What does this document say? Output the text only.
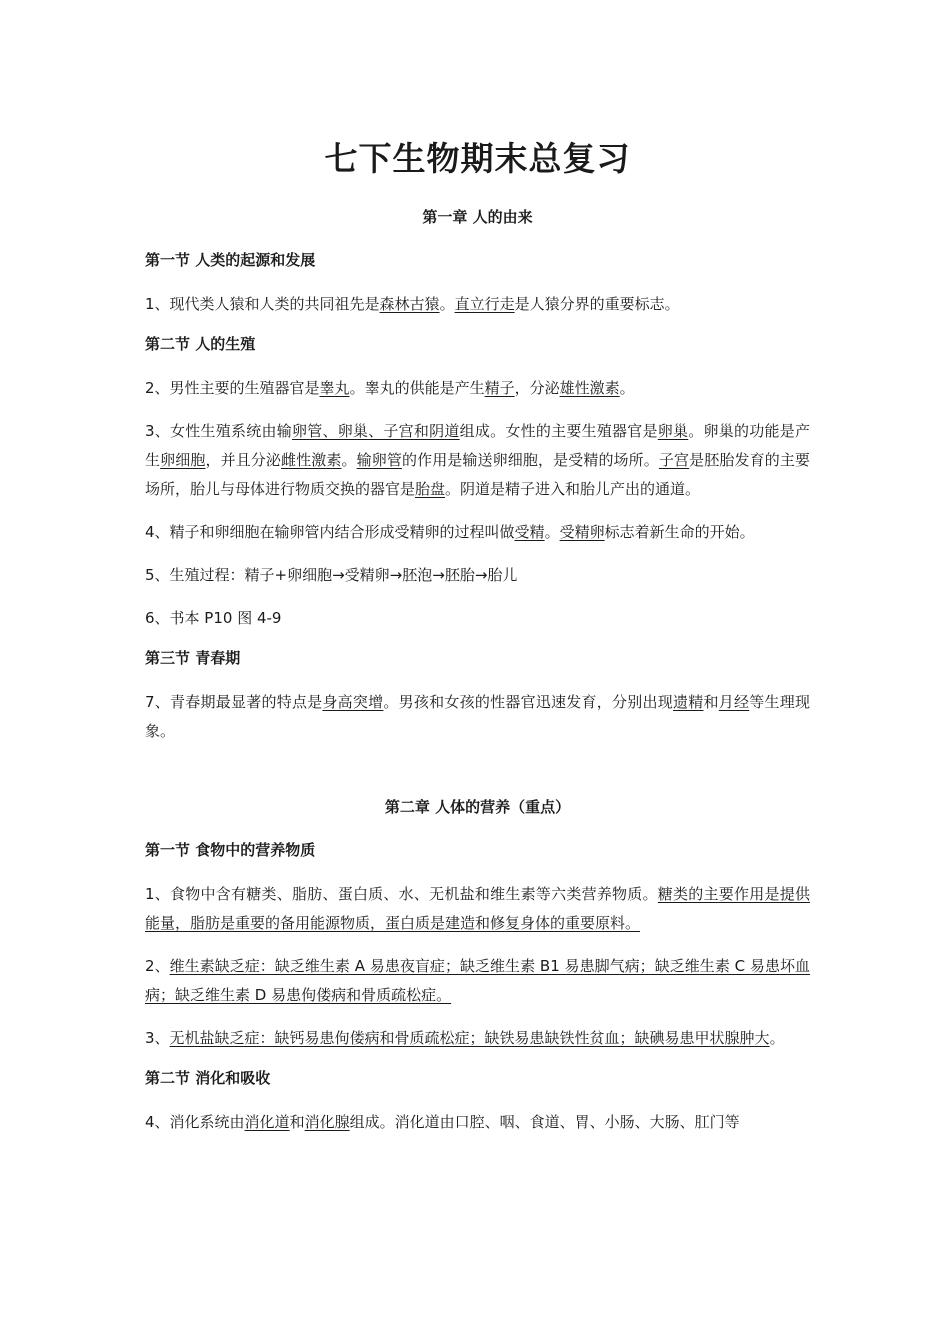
七下生物期末总复习
第一章 人的由来
第一节 人类的起源和发展

1、现代类人猿和人类的共同祖先是森林古猿。直立行走是人猿分界的重要标志。

第二节 人的生殖

2、男性主要的生殖器官是睾丸。睾丸的供能是产生精子，分泌雄性激素。

3、女性生殖系统由输卵管、卵巢、子宫和阴道组成。女性的主要生殖器官是卵巢。卵巢的功能是产生卵细胞，并且分泌雌性激素。输卵管的作用是输送卵细胞，是受精的场所。子宫是胚胎发育的主要场所，胎儿与母体进行物质交换的器官是胎盘。阴道是精子进入和胎儿产出的通道。

4、精子和卵细胞在输卵管内结合形成受精卵的过程叫做受精。受精卵标志着新生命的开始。

5、生殖过程：精子+卵细胞→受精卵→胚泡→胚胎→胎儿

6、书本 P10 图 4-9

第三节 青春期

7、青春期最显著的特点是身高突增。男孩和女孩的性器官迅速发育，分别出现遗精和月经等生理现象。

第二章 人体的营养（重点）
第一节 食物中的营养物质

1、食物中含有糖类、脂肪、蛋白质、水、无机盐和维生素等六类营养物质。糖类的主要作用是提供能量，脂肪是重要的备用能源物质，蛋白质是建造和修复身体的重要原料。

2、维生素缺乏症：缺乏维生素 A 易患夜盲症；缺乏维生素 B1 易患脚气病；缺乏维生素 C 易患坏血病；缺乏维生素 D 易患佝偻病和骨质疏松症。

3、无机盐缺乏症：缺钙易患佝偻病和骨质疏松症；缺铁易患缺铁性贫血；缺碘易患甲状腺肿大。

第二节 消化和吸收

4、消化系统由消化道和消化腺组成。消化道由口腔、咽、食道、胃、小肠、大肠、肛门等
